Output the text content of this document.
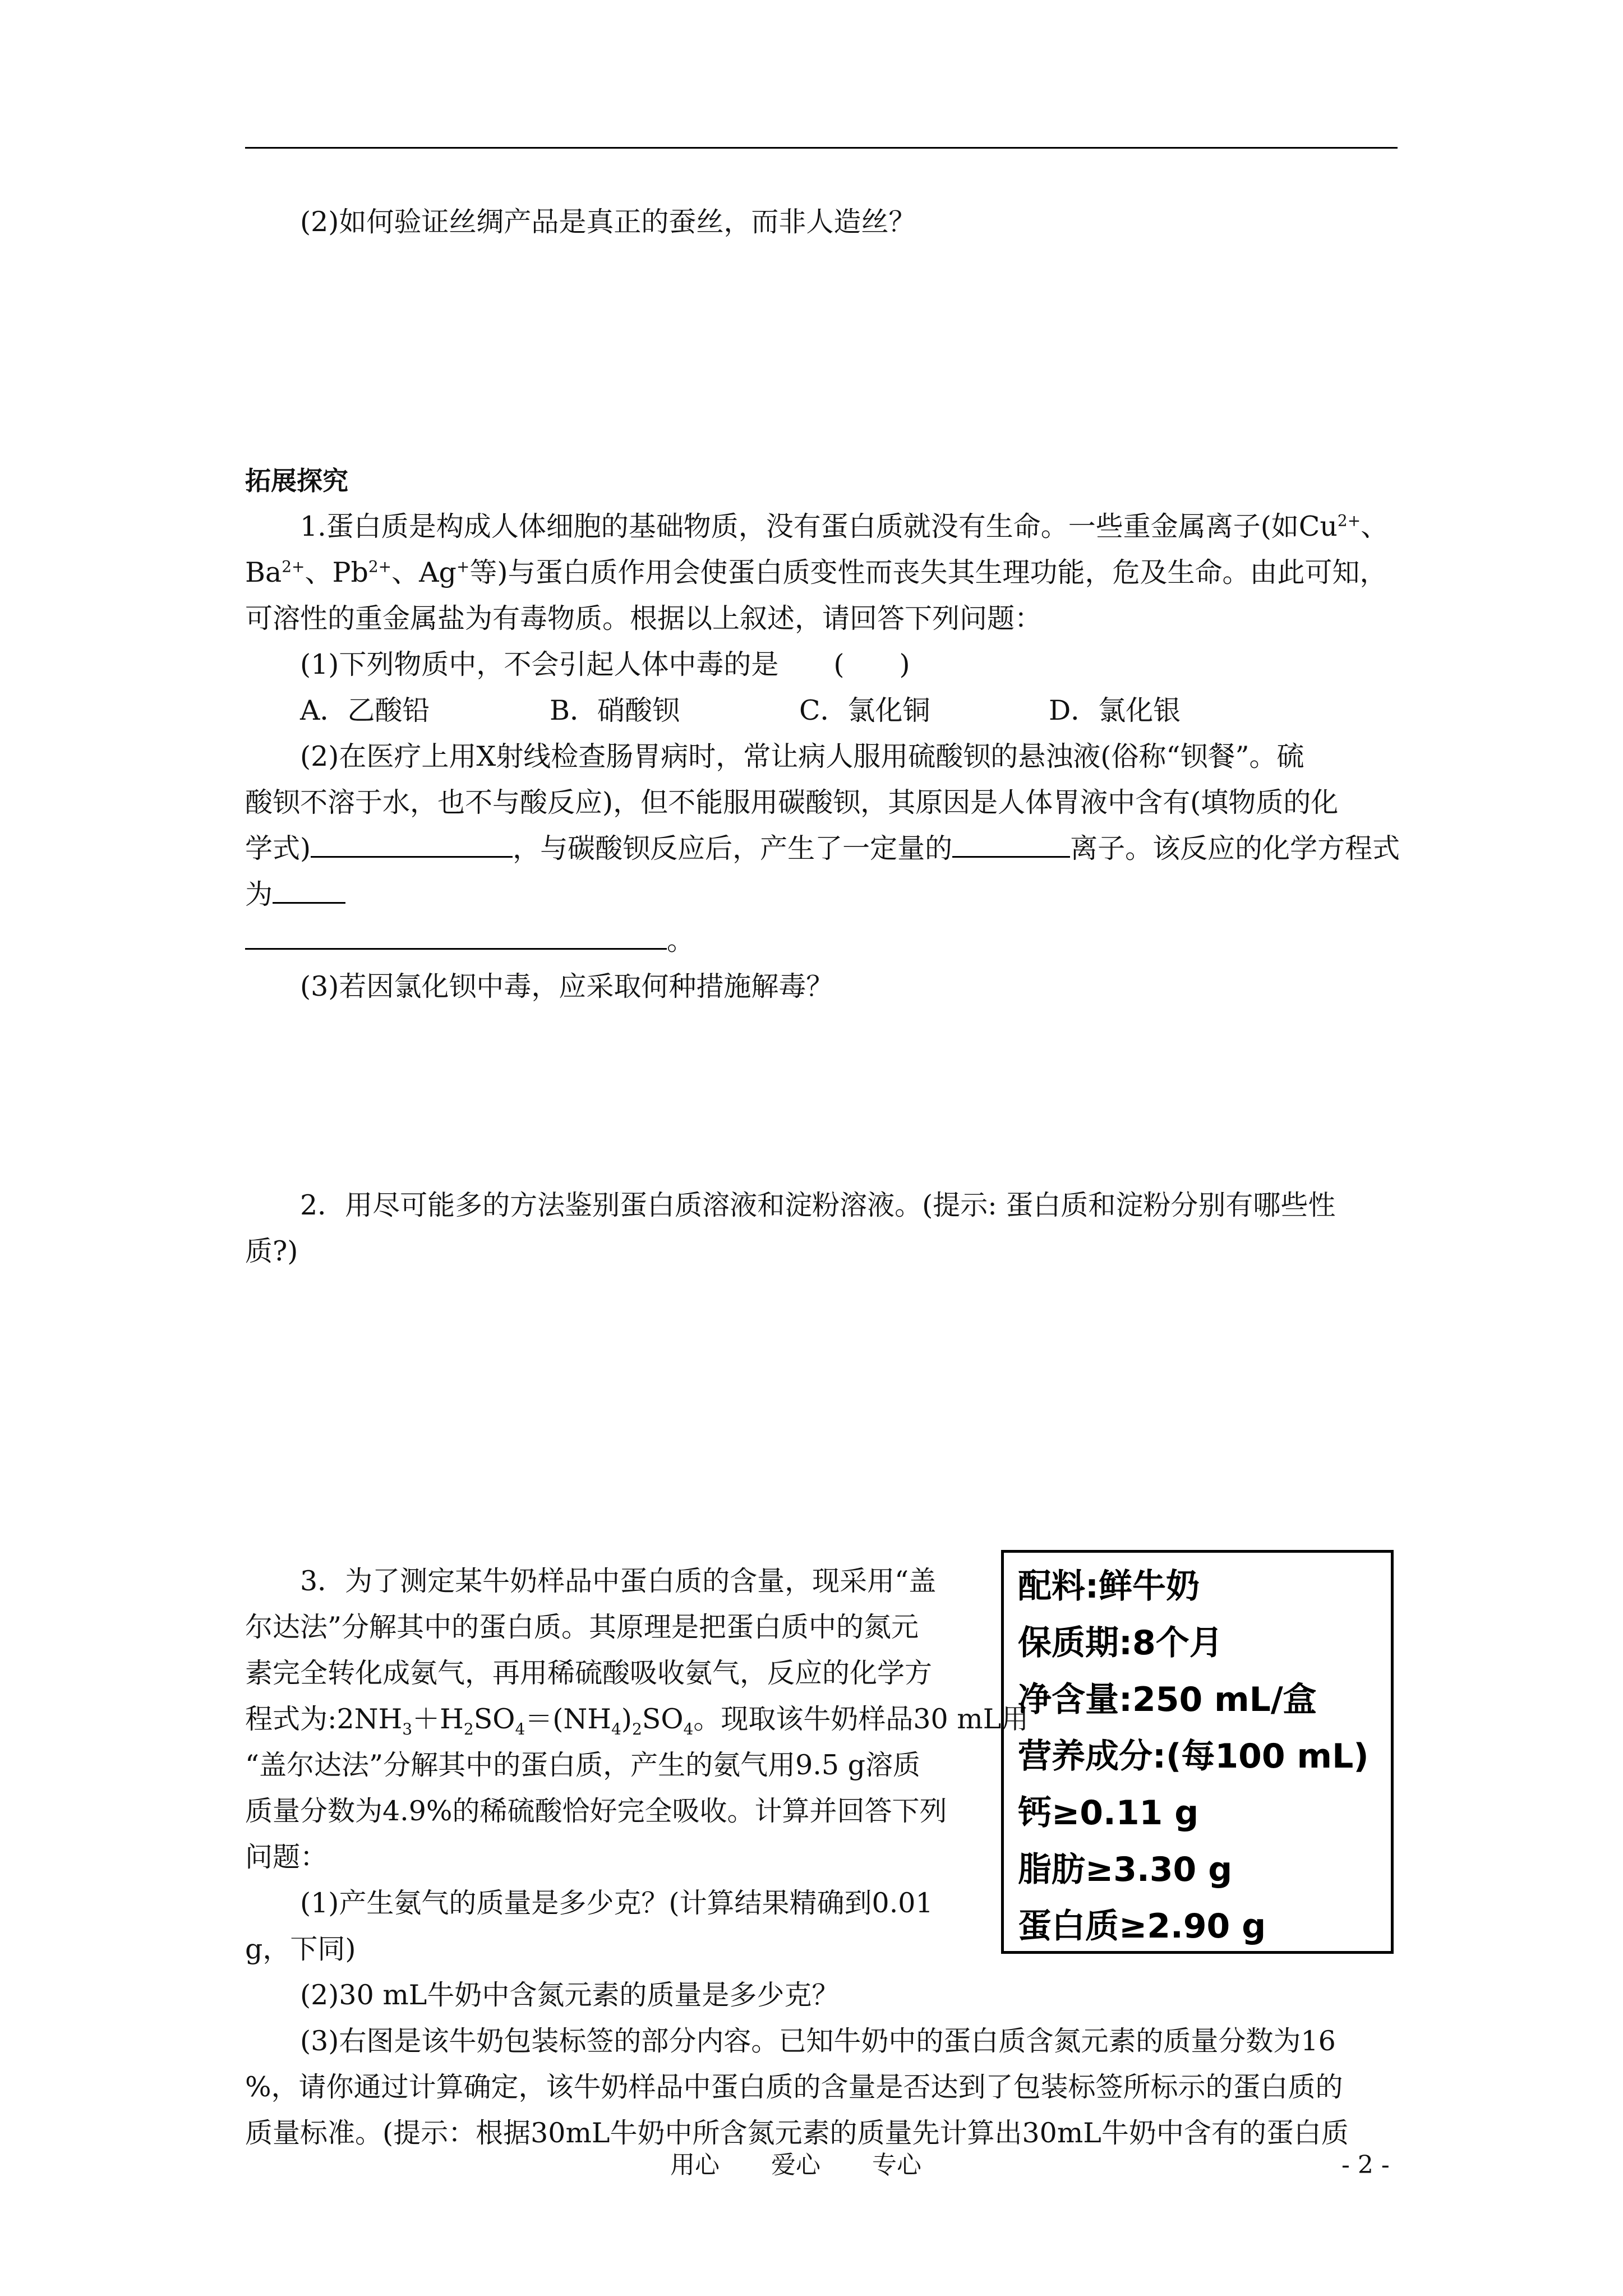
(2)如何验证丝绸产品是真正的蚕丝，而非人造丝？
拓展探究
1.蛋白质是构成人体细胞的基础物质，没有蛋白质就没有生命。一些重金属离子(如$Cu^{2+}$、
$Ba^{2+}$、$Pb^{2+}$、Ag+等)与蛋白质作用会使蛋白质变性而丧失其生理功能，危及生命。由此可知，
可溶性的重金属盐为有毒物质。根据以上叙述，请回答下列问题：
(1)下列物质中，不会引起人体中毒的是　　(　　)
A．乙酸铅	B．硝酸钡	C．氯化铜	D．氯化银
(2)在医疗上用X射线检查肠胃病时，常让病人服用硫酸钡的悬浊液(俗称“钡餐”。硫
酸钡不溶于水，也不与酸反应)，但不能服用碳酸钡，其原因是人体胃液中含有(填物质的化
学式)	，与碳酸钡反应后，产生了一定量的	离子。该反应的化学方程式
为
。
(3)若因氯化钡中毒，应采取何种措施解毒？
2．用尽可能多的方法鉴别蛋白质溶液和淀粉溶液。(提示: 蛋白质和淀粉分别有哪些性
质?)
3．为了测定某牛奶样品中蛋白质的含量，现采用“盖
尔达法”分解其中的蛋白质。其原理是把蛋白质中的氮元
素完全转化成氨气，再用稀硫酸吸收氨气，反应的化学方
程式为$:2NH_3+H_2SO_4=(NH_4)_2SO_4$。现取该牛奶样品30 mL用
“盖尔达法”分解其中的蛋白质，产生的氨气用9.5 g溶质
质量分数为4.9%的稀硫酸恰好完全吸收。计算并回答下列
问题：
(1)产生氨气的质量是多少克？(计算结果精确到0.01
g，下同)
(2)30 mL牛奶中含氮元素的质量是多少克？
(3)右图是该牛奶包装标签的部分内容。已知牛奶中的蛋白质含氮元素的质量分数为16
%，请你通过计算确定，该牛奶样品中蛋白质的含量是否达到了包装标签所标示的蛋白质的
质量标准。(提示：根据30mL牛奶中所含氮元素的质量先计算出30mL牛奶中含有的蛋白质
配料:鲜牛奶
保质期:8个月
净含量:250 mL/盒
营养成分:(每100 mL)
钙≥0.11 g
脂肪≥3.30 g
蛋白质≥2.90 g
用心 爱心 专心	- 2 -
